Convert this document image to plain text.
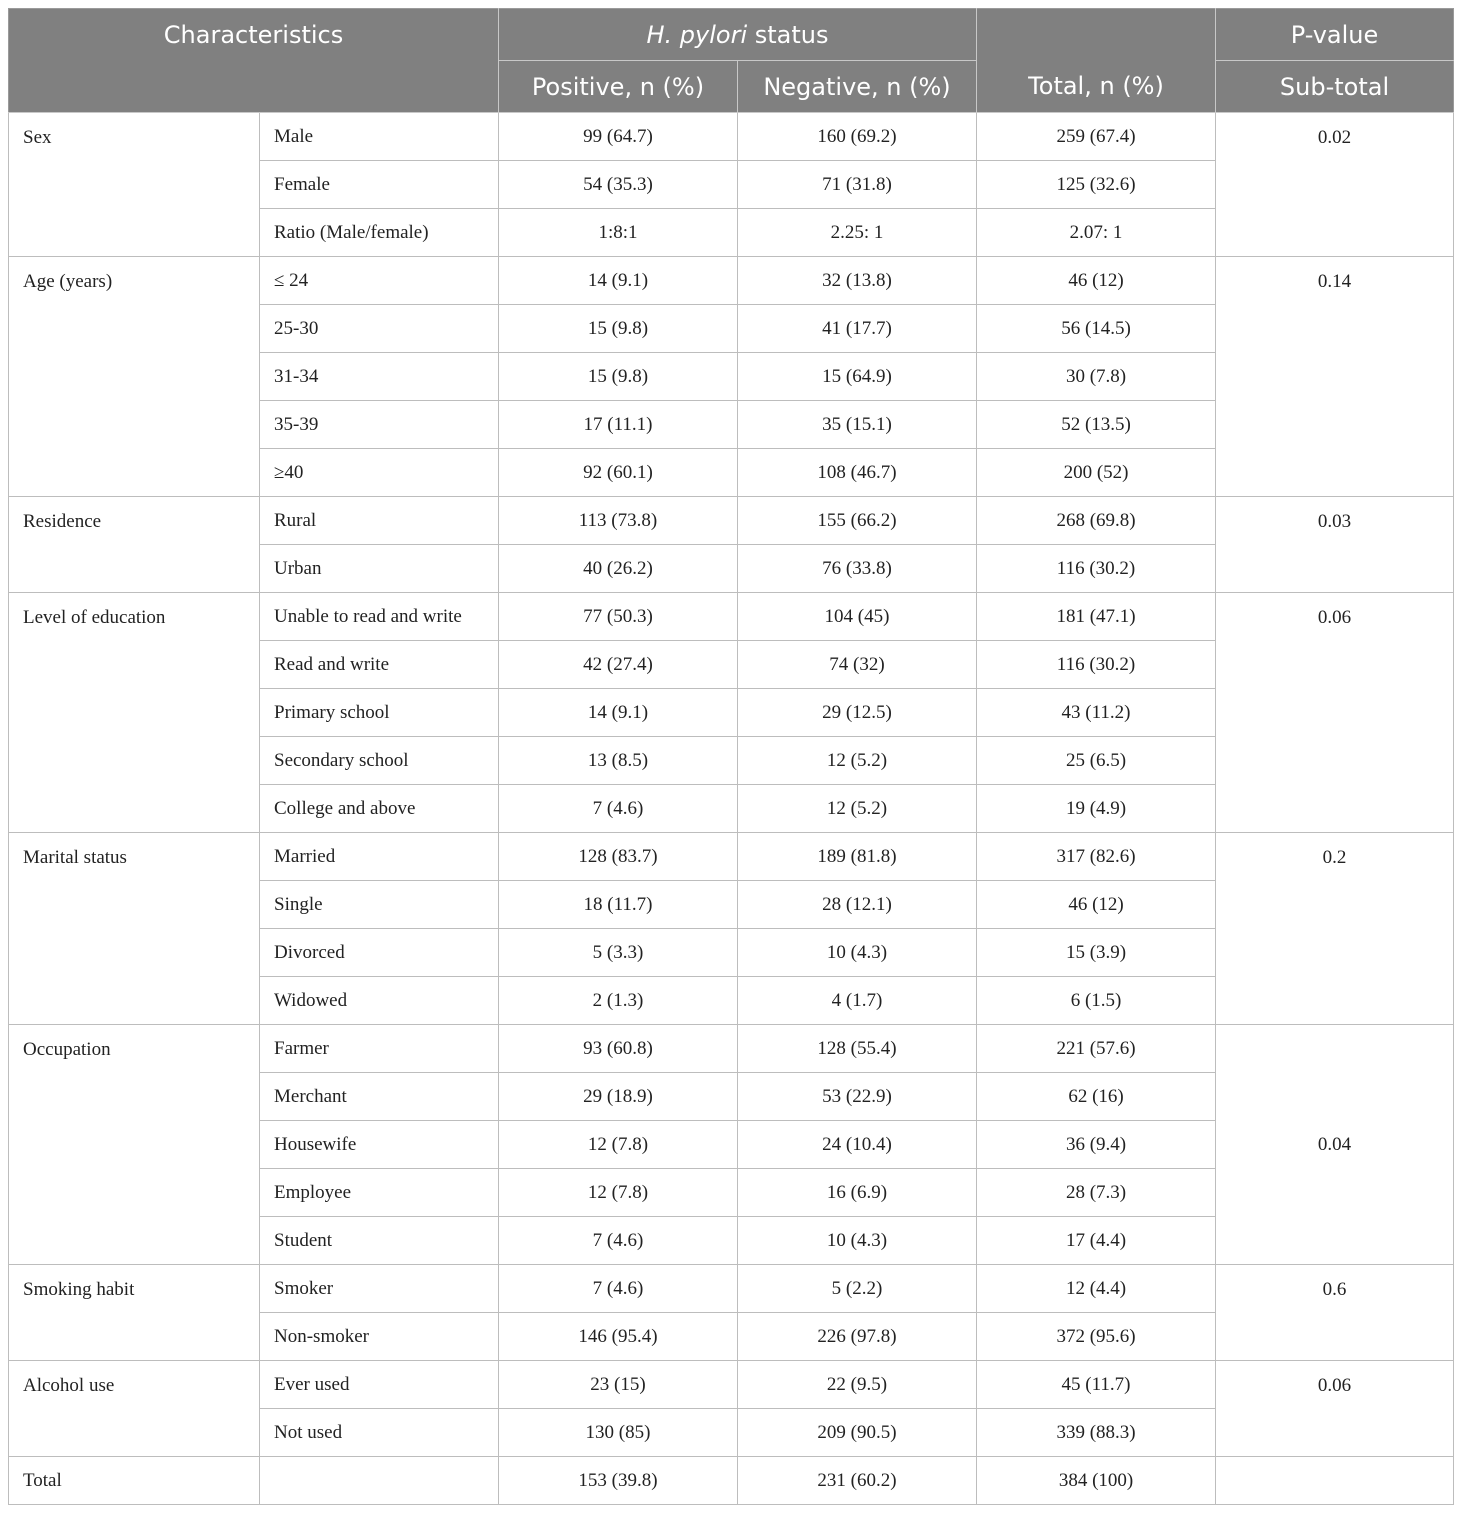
Characteristics		H. pylori status			P-value
		Positive, n (%)	Negative, n (%)	Total, n (%)	Sub-total
Sex	Male	99 (64.7)	160 (69.2)	259 (67.4)	0.02
	Female	54 (35.3)	71 (31.8)	125 (32.6)	
	Ratio (Male/female)	1:8:1	2.25: 1	2.07: 1	
Age (years)	≤ 24	14 (9.1)	32 (13.8)	46 (12)	0.14
	25-30	15 (9.8)	41 (17.7)	56 (14.5)	
	31-34	15 (9.8)	15 (64.9)	30 (7.8)	
	35-39	17 (11.1)	35 (15.1)	52 (13.5)	
	≥40	92 (60.1)	108 (46.7)	200 (52)	
Residence	Rural	113 (73.8)	155 (66.2)	268 (69.8)	0.03
	Urban	40 (26.2)	76 (33.8)	116 (30.2)	
Level of education	Unable to read and write	77 (50.3)	104 (45)	181 (47.1)	0.06
	Read and write	42 (27.4)	74 (32)	116 (30.2)	
	Primary school	14 (9.1)	29 (12.5)	43 (11.2)	
	Secondary school	13 (8.5)	12 (5.2)	25 (6.5)	
	College and above	7 (4.6)	12 (5.2)	19 (4.9)	
Marital status	Married	128 (83.7)	189 (81.8)	317 (82.6)	0.2
	Single	18 (11.7)	28 (12.1)	46 (12)	
	Divorced	5 (3.3)	10 (4.3)	15 (3.9)	
	Widowed	2 (1.3)	4 (1.7)	6 (1.5)	
Occupation	Farmer	93 (60.8)	128 (55.4)	221 (57.6)	0.04
	Merchant	29 (18.9)	53 (22.9)	62 (16)	
	Housewife	12 (7.8)	24 (10.4)	36 (9.4)	
	Employee	12 (7.8)	16 (6.9)	28 (7.3)	
	Student	7 (4.6)	10 (4.3)	17 (4.4)	
Smoking habit	Smoker	7 (4.6)	5 (2.2)	12 (4.4)	0.6
	Non-smoker	146 (95.4)	226 (97.8)	372 (95.6)	
Alcohol use	Ever used	23 (15)	22 (9.5)	45 (11.7)	0.06
	Not used	130 (85)	209 (90.5)	339 (88.3)	
Total		153 (39.8)	231 (60.2)	384 (100)	
